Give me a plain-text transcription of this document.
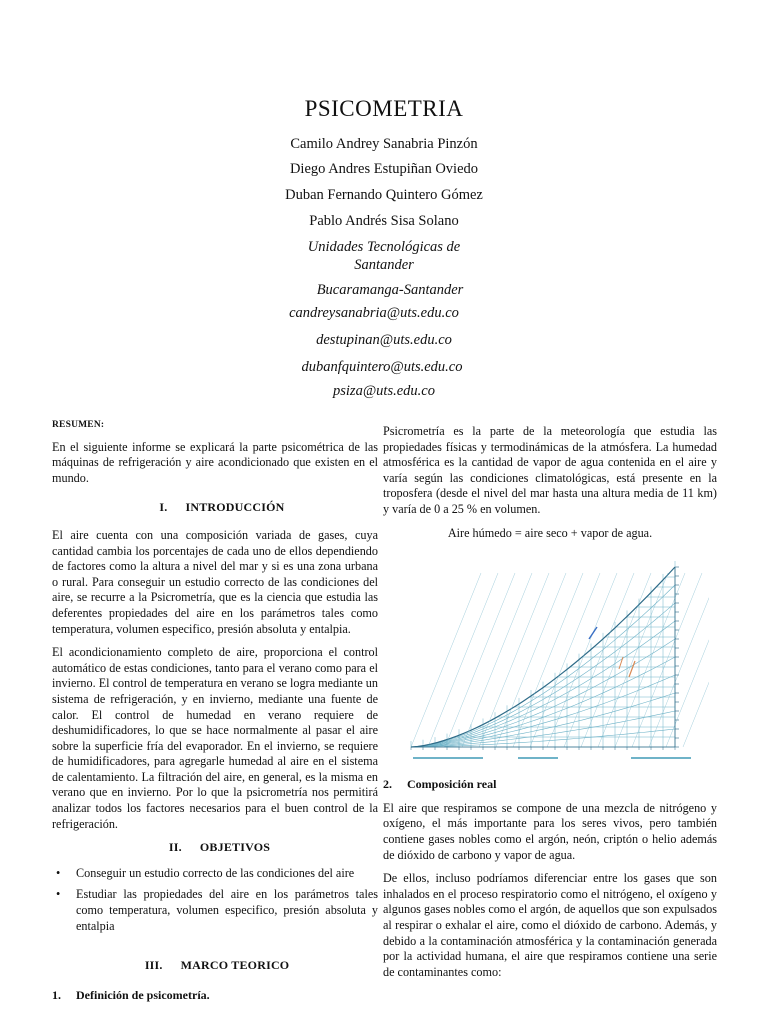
PSICOMETRIA
Camilo Andrey Sanabria Pinzón
Diego Andres Estupiñan Oviedo
Duban Fernando Quintero Gómez
Pablo Andrés Sisa Solano
Unidades Tecnológicas de
Santander
Bucaramanga-Santander
candreysanabria@uts.edu.co
destupinan@uts.edu.co
dubanfquintero@uts.edu.co
psiza@uts.edu.co
RESUMEN:

En el siguiente informe se explicará la parte psicométrica de las máquinas de refrigeración y aire acondicionado que existen en el mundo.

I. INTRODUCCIÓN

El aire cuenta con una composición variada de gases, cuya cantidad cambia los porcentajes de cada uno de ellos dependiendo de factores como la altura a nivel del mar y si es una zona urbana o rural. Para conseguir un estudio correcto de las condiciones del aire, se recurre a la Psicrometría, que es la ciencia que estudia las deferentes propiedades del aire en los parámetros tales como temperatura, volumen especifico, presión absoluta y entalpia.

El acondicionamiento completo de aire, proporciona el control automático de estas condiciones, tanto para el verano como para el invierno. El control de temperatura en verano se logra mediante un sistema de refrigeración, y en invierno, mediante una fuente de calor. El control de humedad en verano requiere de deshumidificadores, lo que se hace normalmente al pasar el aire sobre la superficie fría del evaporador. En el invierno, se requiere de humidificadores, para agregarle humedad al aire en el sistema de calentamiento. La filtración del aire, en general, es la misma en verano que en invierno. Por lo que la psicrometría nos permitirá analizar todos los factores necesarios para el buen control de la refrigeración.

II. OBJETIVOS
• Conseguir un estudio correcto de las condiciones del aire
• Estudiar las propiedades del aire en los parámetros tales como temperatura, volumen especifico, presión absoluta y entalpia
III. MARCO TEORICO
1. Definición de psicometría.

Psicrometría es la parte de la meteorología que estudia las propiedades físicas y termodinámicas de la atmósfera. La humedad atmosférica es la cantidad de vapor de agua contenida en el aire y varía según las condiciones climatológicas, está presente en la troposfera (desde el nivel del mar hasta una altura media de 11 km) y varía de 0 a 25 % en volumen.

Aire húmedo = aire seco + vapor de agua.

2. Composición real

El aire que respiramos se compone de una mezcla de nitrógeno y oxígeno, el más importante para los seres vivos, pero también contiene gases nobles como el argón, neón, criptón o helio además de dióxido de carbono y vapor de agua.

De ellos, incluso podríamos diferenciar entre los gases que son inhalados en el proceso respiratorio como el nitrógeno, el oxígeno y algunos gases nobles como el argón, de aquellos que son expulsados al respirar o exhalar el aire, como el dióxido de carbono. Además, y debido a la contaminación atmosférica y la contaminación generada por la actividad humana, el aire que respiramos contiene una serie de contaminantes como:
